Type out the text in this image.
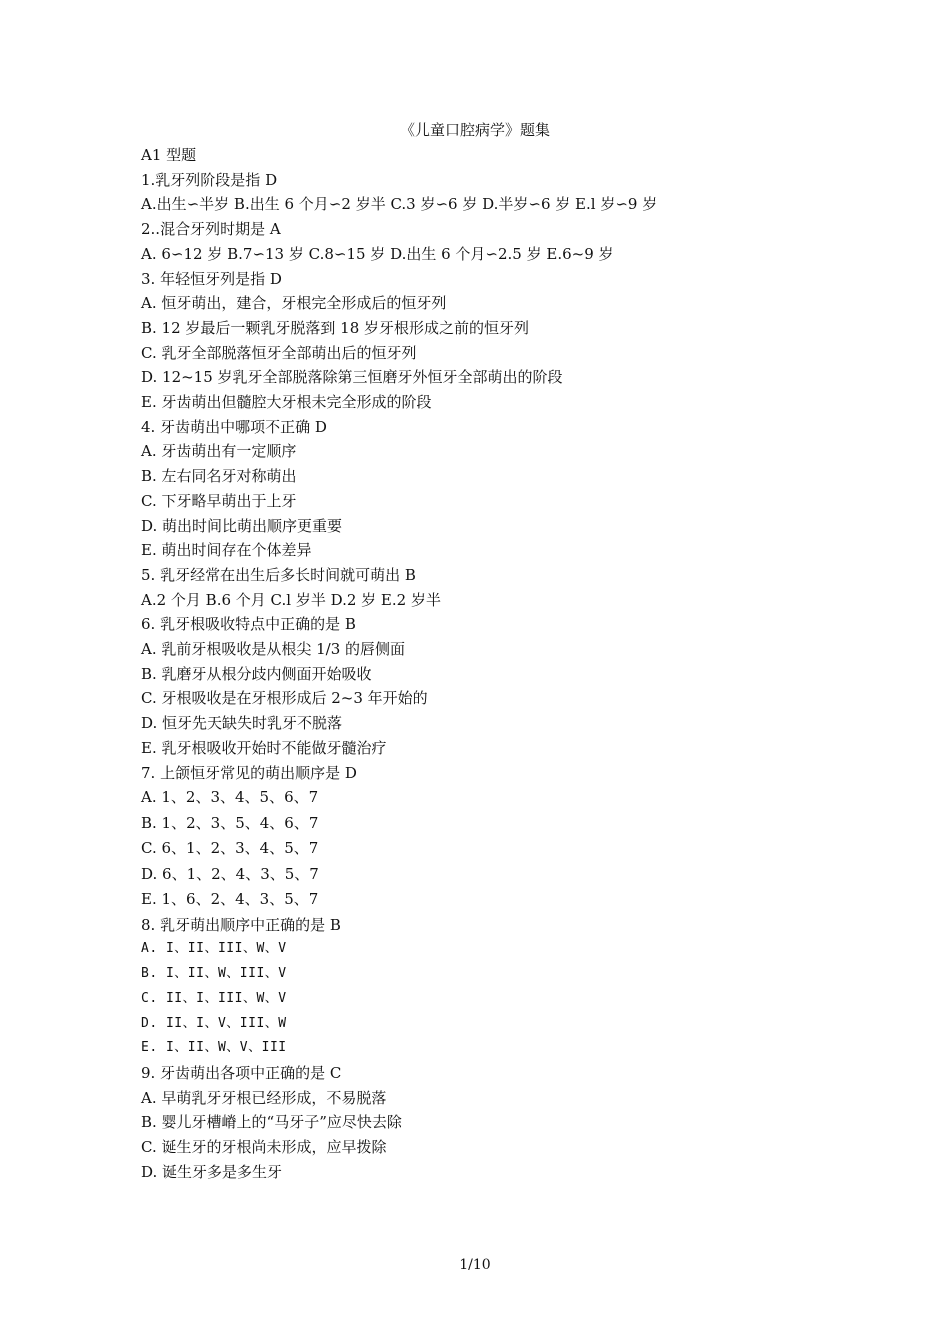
《儿童口腔病学》题集
A1 型题
1.乳牙列阶段是指 D
A.出生∽半岁 B.出生 6 个月∽2 岁半 C.3 岁∽6 岁 D.半岁∽6 岁 E.l 岁∽9 岁
2..混合牙列时期是 A
A. 6∽12 岁 B.7∽13 岁 C.8∽15 岁 D.出生 6 个月∽2.5 岁 E.6~9 岁
3. 年轻恒牙列是指 D
A. 恒牙萌出，建合，牙根完全形成后的恒牙列
B. 12 岁最后一颗乳牙脱落到 18 岁牙根形成之前的恒牙列
C. 乳牙全部脱落恒牙全部萌出后的恒牙列
D. 12~15 岁乳牙全部脱落除第三恒磨牙外恒牙全部萌出的阶段
E. 牙齿萌出但髓腔大牙根未完全形成的阶段
4. 牙齿萌出中哪项不正确 D
A. 牙齿萌出有一定顺序
B. 左右同名牙对称萌出
C. 下牙略早萌出于上牙
D. 萌出时间比萌出顺序更重要
E. 萌出时间存在个体差异
5. 乳牙经常在出生后多长时间就可萌出 B
A.2 个月 B.6 个月 C.l 岁半 D.2 岁 E.2 岁半
6. 乳牙根吸收特点中正确的是 B
A. 乳前牙根吸收是从根尖 1/3 的唇侧面
B. 乳磨牙从根分歧内侧面开始吸收
C. 牙根吸收是在牙根形成后 2~3 年开始的
D. 恒牙先天缺失时乳牙不脱落
E. 乳牙根吸收开始时不能做牙髓治疗
7. 上颌恒牙常见的萌出顺序是 D
A. 1、2、3、4、5、6、7
B. 1、2、3、5、4、6、7
C. 6、1、2、3、4、5、7
D. 6、1、2、4、3、5、7
E. 1、6、2、4、3、5、7
8. 乳牙萌出顺序中正确的是 B
A. I、II、III、W、V
B. I、II、W、III、V
C. II、I、III、W、V
D. II、I、V、III、W
E. I、II、W、V、III
9. 牙齿萌出各项中正确的是 C
A. 早萌乳牙牙根已经形成，不易脱落
B. 婴儿牙槽嵴上的“马牙子”应尽快去除
C. 诞生牙的牙根尚未形成，应早拨除
D. 诞生牙多是多生牙
1/10
